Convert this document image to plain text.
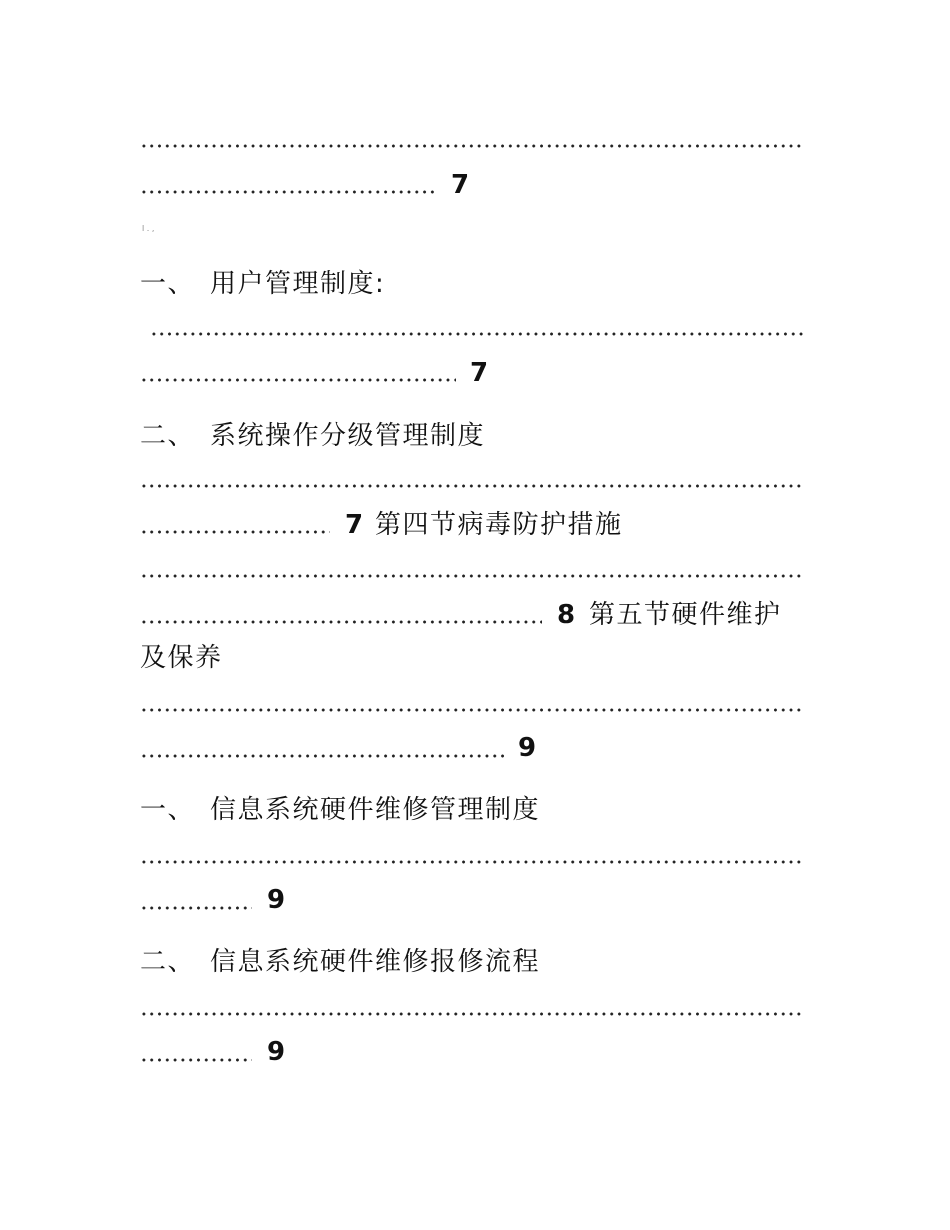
7
l . ,
一、 用户管理制度:
7
二、 系统操作分级管理制度
7 第四节病毒防护措施
8 第五节硬件维护
及保养
9
一、 信息系统硬件维修管理制度
9
二、 信息系统硬件维修报修流程
9
